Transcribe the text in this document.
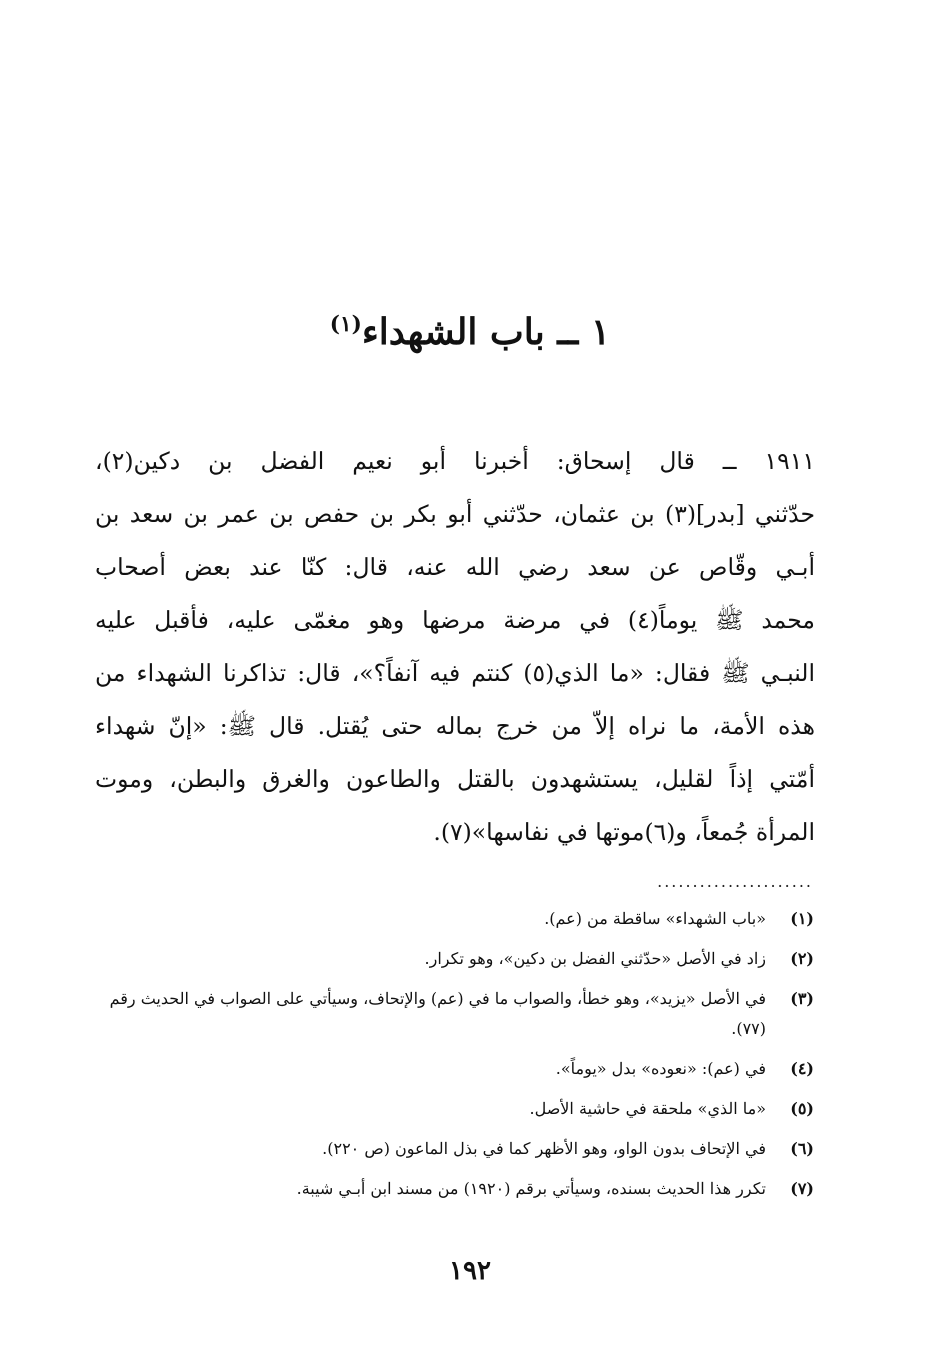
١ ــ باب الشهداء$^{(١)}$
١٩١١ ــ قال إسحاق: أخبرنا أبو نعيم الفضل بن دكين(٢)،
حدّثني [بدر](٣) بن عثمان، حدّثني أبو بكر بن حفص بن عمر بن سعد بن
أبـي وقّاص عن سعد رضي الله عنه، قال: كنّا عند بعض أصحاب
محمد ﷺ يوماً(٤) في مرضة مرضها وهو مغمّى عليه، فأقبل عليه
النبـي ﷺ فقال: «ما الذي(٥) كنتم فيه آنفاً؟»، قال: تذاكرنا الشهداء من
هذه الأمة، ما نراه إلاّ من خرج بماله حتى يُقتل. قال ﷺ: «إنّ شهداء
أمّتي إذاً لقليل، يستشهدون بالقتل والطاعون والغرق والبطن، وموت
المرأة جُمعاً، و(٦)موتها في نفاسها»(٧).
......................
(١)
«باب الشهداء» ساقطة من (عم).
(٢)
زاد في الأصل «حدّثني الفضل بن دكين»، وهو تكرار.
(٣)
في الأصل «يزيد»، وهو خطأ، والصواب ما في (عم) والإتحاف، وسيأتي على الصواب في الحديث رقم (٧٧).
(٤)
في (عم): «نعوده» بدل «يوماً».
(٥)
«ما الذي» ملحقة في حاشية الأصل.
(٦)
في الإتحاف بدون الواو، وهو الأظهر كما في بذل الماعون (ص ٢٢٠).
(٧)
تكرر هذا الحديث بسنده، وسيأتي برقم (١٩٢٠) من مسند ابن أبـي شيبة.
١٩٢
